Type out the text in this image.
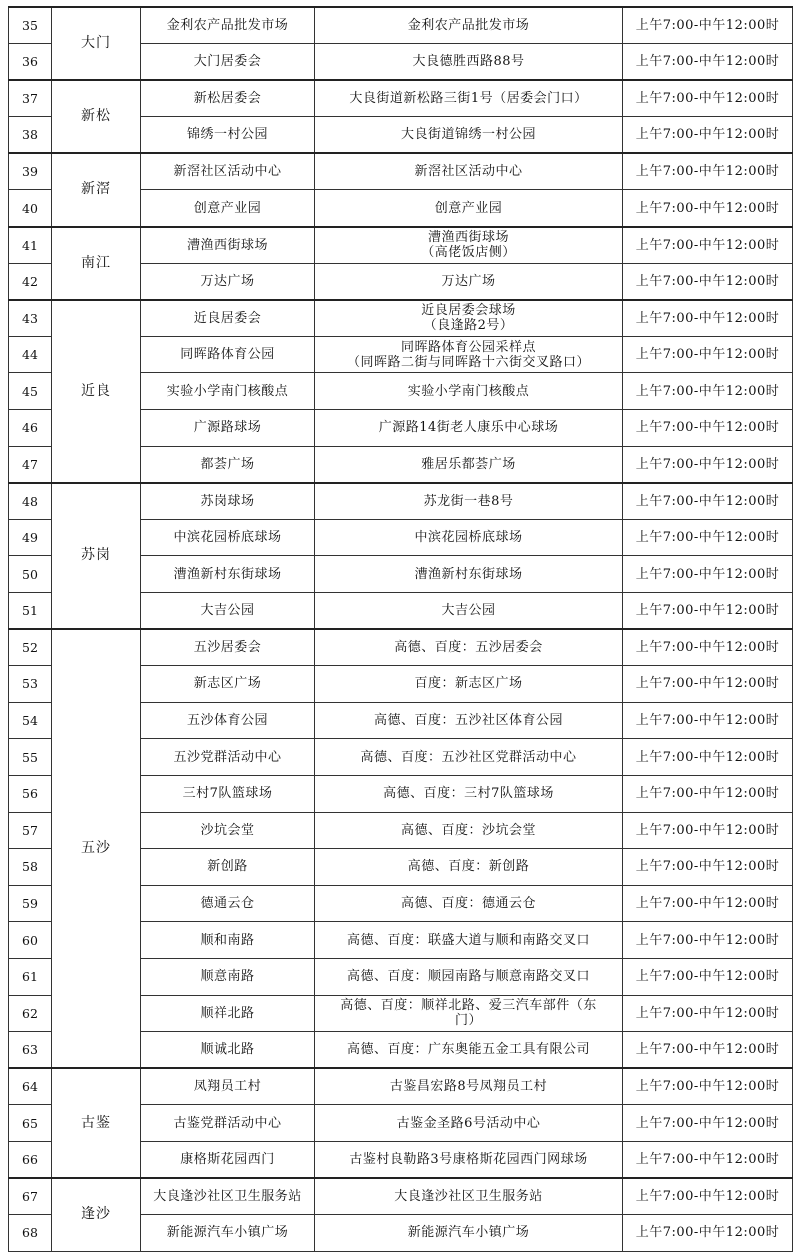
35	大门	金利农产品批发市场	金利农产品批发市场	上午7:00-中午12:00时
36		大门居委会	大良德胜西路88号	上午7:00-中午12:00时
37	新松	新松居委会	大良街道新松路三街1号（居委会门口）	上午7:00-中午12:00时
38		锦绣一村公园	大良街道锦绣一村公园	上午7:00-中午12:00时
39	新滘	新滘社区活动中心	新滘社区活动中心	上午7:00-中午12:00时
40		创意产业园	创意产业园	上午7:00-中午12:00时
41	南江	漕渔西街球场	漕渔西街球场
（高佬饭店侧）	上午7:00-中午12:00时
42		万达广场	万达广场	上午7:00-中午12:00时
43	近良	近良居委会	近良居委会球场
（良逢路2号）	上午7:00-中午12:00时
44		同晖路体育公园	同晖路体育公园采样点
（同晖路二街与同晖路十六街交叉路口）	上午7:00-中午12:00时
45		实验小学南门核酸点	实验小学南门核酸点	上午7:00-中午12:00时
46		广源路球场	广源路14街老人康乐中心球场	上午7:00-中午12:00时
47		都荟广场	雅居乐都荟广场	上午7:00-中午12:00时
48	苏岗	苏岗球场	苏龙街一巷8号	上午7:00-中午12:00时
49		中滨花园桥底球场	中滨花园桥底球场	上午7:00-中午12:00时
50		漕渔新村东街球场	漕渔新村东街球场	上午7:00-中午12:00时
51		大吉公园	大吉公园	上午7:00-中午12:00时
52	五沙	五沙居委会	高德、百度：五沙居委会	上午7:00-中午12:00时
53		新志区广场	百度：新志区广场	上午7:00-中午12:00时
54		五沙体育公园	高德、百度：五沙社区体育公园	上午7:00-中午12:00时
55		五沙党群活动中心	高德、百度：五沙社区党群活动中心	上午7:00-中午12:00时
56		三村7队篮球场	高德、百度：三村7队篮球场	上午7:00-中午12:00时
57		沙坑会堂	高德、百度：沙坑会堂	上午7:00-中午12:00时
58		新创路	高德、百度：新创路	上午7:00-中午12:00时
59		德通云仓	高德、百度：德通云仓	上午7:00-中午12:00时
60		顺和南路	高德、百度：联盛大道与顺和南路交叉口	上午7:00-中午12:00时
61		顺意南路	高德、百度：顺园南路与顺意南路交叉口	上午7:00-中午12:00时
62		顺祥北路	高德、百度：顺祥北路、爱三汽车部件（东
门）	上午7:00-中午12:00时
63		顺诚北路	高德、百度：广东奥能五金工具有限公司	上午7:00-中午12:00时
64	古鉴	凤翔员工村	古鉴昌宏路8号凤翔员工村	上午7:00-中午12:00时
65		古鉴党群活动中心	古鉴金圣路6号活动中心	上午7:00-中午12:00时
66		康格斯花园西门	古鉴村良勒路3号康格斯花园西门网球场	上午7:00-中午12:00时
67	逢沙	大良逢沙社区卫生服务站	大良逢沙社区卫生服务站	上午7:00-中午12:00时
68		新能源汽车小镇广场	新能源汽车小镇广场	上午7:00-中午12:00时
